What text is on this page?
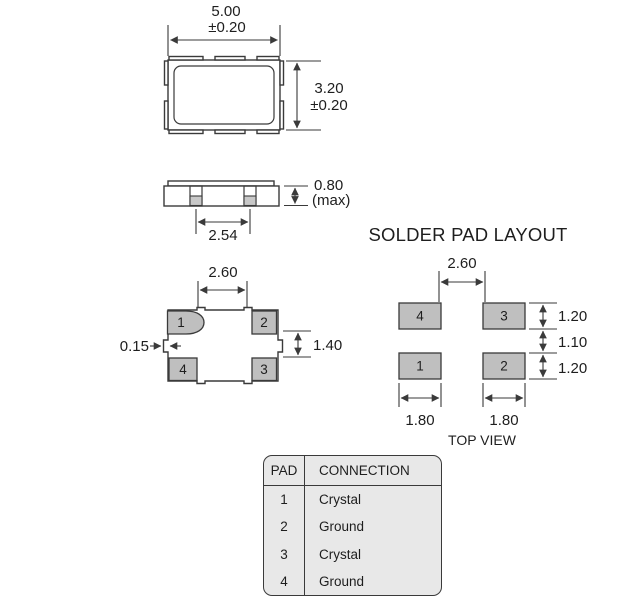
5.00
±0.20
3.20
±0.20
2.54
0.80
(max)
1	2
3
4
2.60
0.15	1.40
SOLDER PAD LAYOUT
2.60
4	3
1	2
1.20
1.10
1.20
1.80	1.80
TOP VIEW
PAD	CONNECTION
1	Crystal
2	Ground
3	Crystal
4	Ground
